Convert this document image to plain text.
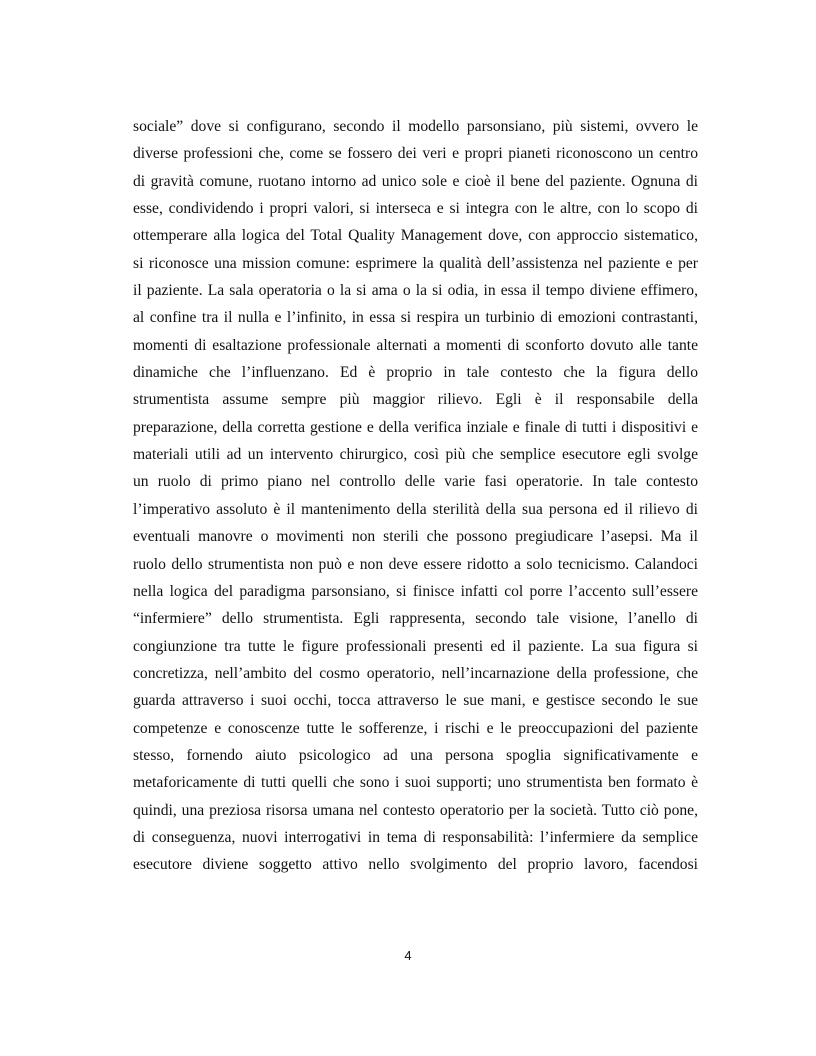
sociale” dove si configurano, secondo il modello parsonsiano, più sistemi, ovvero le
diverse professioni che, come se fossero dei veri e propri pianeti riconoscono un centro
di gravità comune, ruotano intorno ad unico sole e cioè il bene del paziente. Ognuna di
esse, condividendo i propri valori, si interseca e si integra con le altre, con lo scopo di
ottemperare alla logica del Total Quality Management dove, con approccio sistematico,
si riconosce una mission comune: esprimere la qualità dell’assistenza nel paziente e per
il paziente. La sala operatoria o la si ama o la si odia, in essa il tempo diviene effimero,
al confine tra il nulla e l’infinito, in essa si respira un turbinio di emozioni contrastanti,
momenti di esaltazione professionale alternati a momenti di sconforto dovuto alle tante
dinamiche che l’influenzano. Ed è proprio in tale contesto che la figura dello
strumentista assume sempre più maggior rilievo. Egli è il responsabile della
preparazione, della corretta gestione e della verifica inziale e finale di tutti i dispositivi e
materiali utili ad un intervento chirurgico, così più che semplice esecutore egli svolge
un ruolo di primo piano nel controllo delle varie fasi operatorie. In tale contesto
l’imperativo assoluto è il mantenimento della sterilità della sua persona ed il rilievo di
eventuali manovre o movimenti non sterili che possono pregiudicare l’asepsi. Ma il
ruolo dello strumentista non può e non deve essere ridotto a solo tecnicismo. Calandoci
nella logica del paradigma parsonsiano, si finisce infatti col porre l’accento sull’essere
“infermiere” dello strumentista. Egli rappresenta, secondo tale visione, l’anello di
congiunzione tra tutte le figure professionali presenti ed il paziente. La sua figura si
concretizza, nell’ambito del cosmo operatorio, nell’incarnazione della professione, che
guarda attraverso i suoi occhi, tocca attraverso le sue mani, e gestisce secondo le sue
competenze e conoscenze tutte le sofferenze, i rischi e le preoccupazioni del paziente
stesso, fornendo aiuto psicologico ad una persona spoglia significativamente e
metaforicamente di tutti quelli che sono i suoi supporti; uno strumentista ben formato è
quindi, una preziosa risorsa umana nel contesto operatorio per la società. Tutto ciò pone,
di conseguenza, nuovi interrogativi in tema di responsabilità: l’infermiere da semplice
esecutore diviene soggetto attivo nello svolgimento del proprio lavoro, facendosi
4
